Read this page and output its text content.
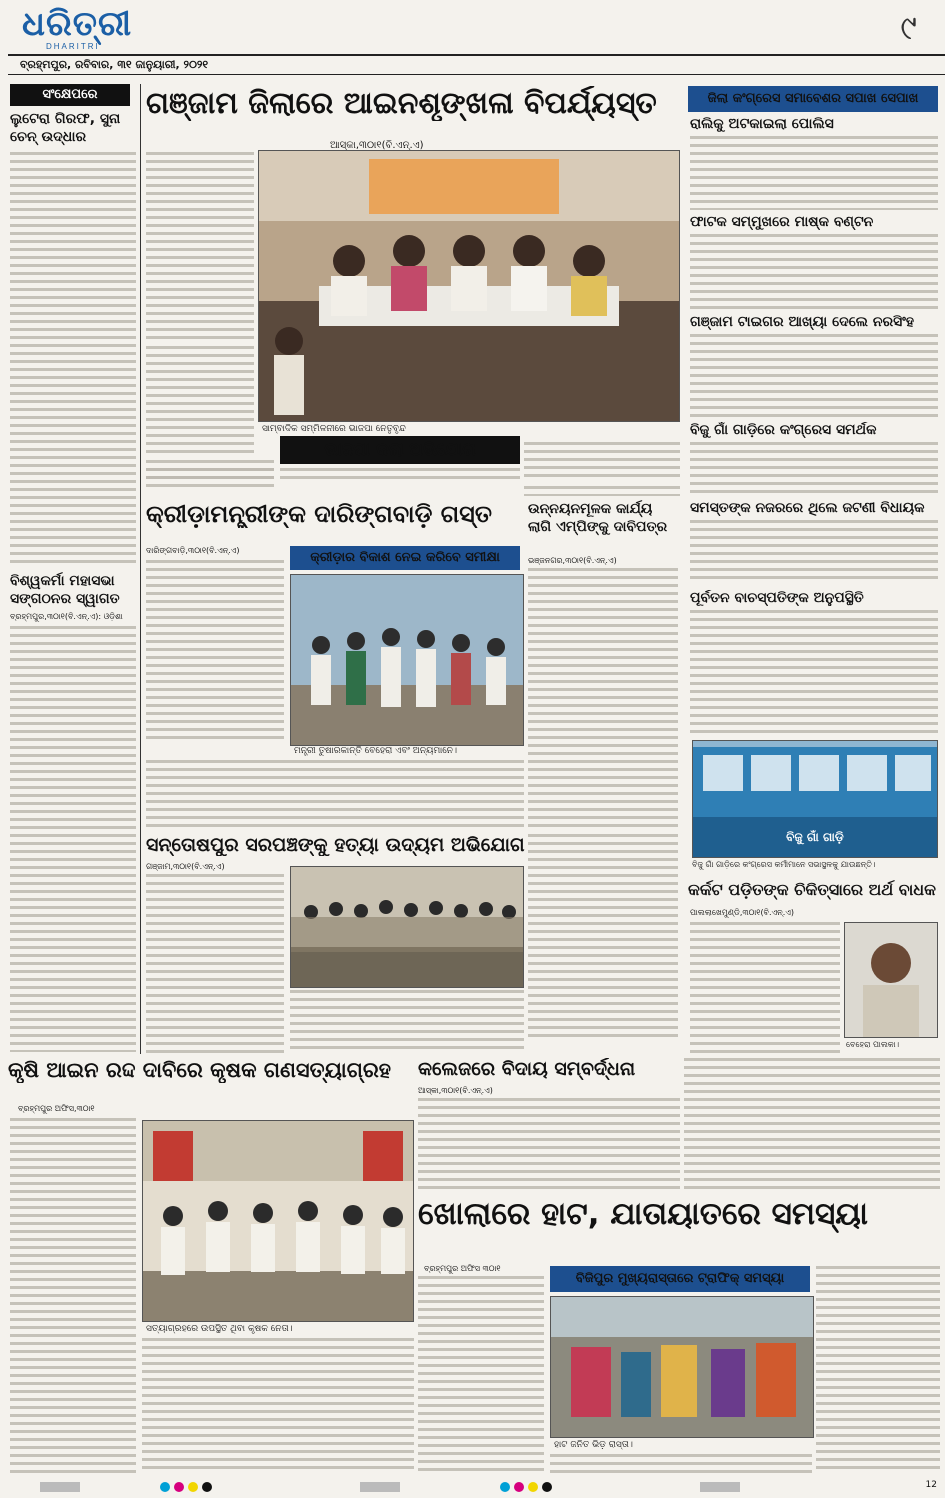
ଧରିତ୍ରୀ
DHARITRI	୯
ବ୍ରହ୍ମପୁର, ରବିବାର, ୩୧ ଜାନୁୟାରୀ, ୨୦୨୧
ସଂକ୍ଷେପରେ
ଲୁଟେରା ଗିରଫ, ସୁନା ଚେନ୍ ଉଦ୍ଧାର
ବିଶ୍ୱକର୍ମା ମହାସଭା ସଙ୍ଗଠନର ସ୍ୱାଗତ
ବ୍ରହ୍ମପୁର,୩୦ା୧(ବି.ଏନ୍.ଏ): ଓଡ଼ିଶା
ଗଞ୍ଜାମ ଜିଲାରେ ଆଇନଶୃଙ୍ଖଳା ବିପର୍ଯ୍ୟସ୍ତ
ଆସ୍କା,୩୦ା୧(ବି.ଏନ୍.ଏ)
ସାମ୍ବାଦିକ ସମ୍ମିଳନୀରେ ଭାଜପା ନେତୃବୃନ୍ଦ
ଭାଜପା କଲା ଅଭିଯୋଗ
କ୍ରୀଡ଼ାମନ୍ତ୍ରୀଙ୍କ ଦାରିଙ୍ଗବାଡ଼ି ଗସ୍ତ
ଦାରିଙ୍ଗବାଡ଼ି,୩୦ା୧(ବି.ଏନ୍.ଏ)	କ୍ରୀଡ଼ାର ବିକାଶ ନେଇ କରିବେ ସମୀକ୍ଷା
ମନ୍ତ୍ରୀ ତୁଷାରକାନ୍ତି ବେହେରା ଏବଂ ଅନ୍ୟମାନେ।
ଉନ୍ନୟନମୂଳକ କାର୍ଯ୍ୟ ଲାଗି ଏମ୍ପିଙ୍କୁ ଦାବିପତ୍ର
ଭଞ୍ଜନଗର,୩୦ା୧(ବି.ଏନ୍.ଏ)
ସନ୍ତୋଷପୁର ସରପଞ୍ଚଙ୍କୁ ହତ୍ୟା ଉଦ୍ୟମ ଅଭିଯୋଗ
ଗଞ୍ଜାମ,୩୦ା୧(ବି.ଏନ୍.ଏ)
କୃଷି ଆଇନ ରଦ୍ଦ ଦାବିରେ କୃଷକ ଗଣସତ୍ୟାଗ୍ରହ
ବ୍ରହ୍ମପୁର ଅଫିସ,୩୦ା୧
ସତ୍ୟାଗ୍ରହରେ ଉପସ୍ଥିତ ଥିବା କୃଷକ ନେତା।
କଲେଜରେ ବିଦାୟ ସମ୍ବର୍ଦ୍ଧନା
ଆସ୍କା,୩୦ା୧(ବି.ଏନ୍.ଏ)
ଖୋଲାରେ ହାଟ, ଯାତାୟାତରେ ସମସ୍ୟା
ବ୍ରହ୍ମପୁର ଅଫିସ ୩୦ା୧
ବିଜିପୁର ମୁଖ୍ୟରାସ୍ତାରେ ଟ୍ରାଫିକ୍ ସମସ୍ୟା
ହାଟ ଜନିତ ଭିଡ଼ ରାସ୍ତା।
ଜିଲା କଂଗ୍ରେସ ସମାବେଶର ସପାଖ ସେପାଖ
ରାଲିକୁ ଅଟକାଇଲା ପୋଲିସ
ଫାଟକ ସମ୍ମୁଖରେ ମାଷ୍କ ବଣ୍ଟନ
ଗଞ୍ଜାମ ଟାଇଗର ଆଖ୍ୟା ଦେଲେ ନରସିଂହ
ବିଜୁ ଗାଁ ଗାଡ଼ିରେ କଂଗ୍ରେସ ସମର୍ଥକ
ସମସ୍ତଙ୍କ ନଜରରେ ଥିଲେ ଜଟଣୀ ବିଧାୟକ
ପୂର୍ବତନ ବାଚସ୍ପତିଙ୍କ ଅନୁପସ୍ଥିତି
ବିଜୁ ଗାଁ ଗାଡ଼ି
ବିଜୁ ଗାଁ ଗାଡ଼ିରେ କଂଗ୍ରେସ କର୍ମୀମାନେ ସଭାସ୍ଥଳକୁ ଯାଉଛନ୍ତି।
କର୍କଟ ପଡ଼ିତଙ୍କ ଚିକିତ୍ସାରେ ଅର୍ଥ ବାଧକ
ପାଲଲାଖେମୁଣ୍ଡି,୩୦ା୧(ବି.ଏନ୍.ଏ)
ବେହେରା ପାଲକା।
12
